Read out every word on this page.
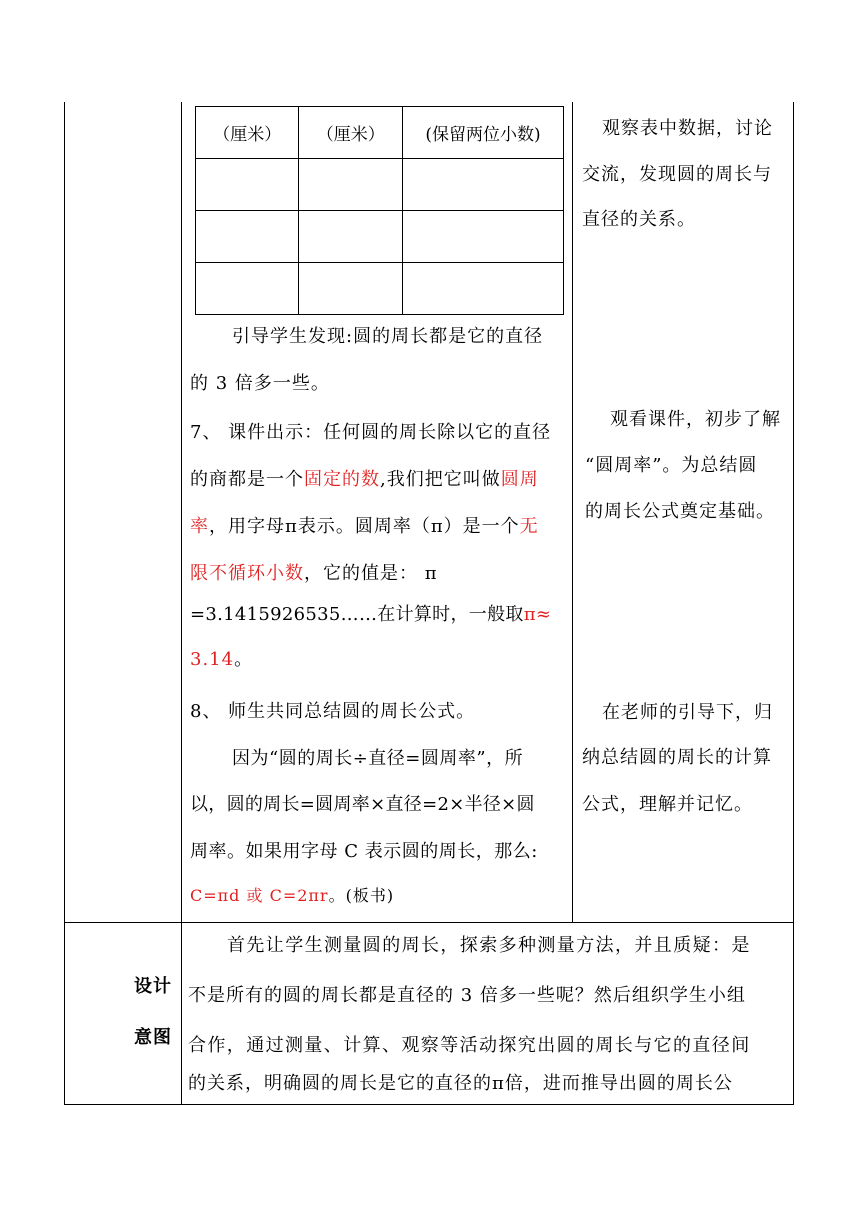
（厘米）	（厘米）	(保留两位小数)

引导学生发现:圆的周长都是它的直径
的 3 倍多一些。
7、 课件出示：任何圆的周长除以它的直径
的商都是一个固定的数,我们把它叫做圆周
率，用字母π表示。圆周率（π）是一个无
限不循环小数，它的值是： π
=3.1415926535……在计算时，一般取π≈
3.14。
8、 师生共同总结圆的周长公式。
因为“圆的周长÷直径=圆周率”，所
以，圆的周长=圆周率×直径=2×半径×圆
周率。如果用字母 C 表示圆的周长，那么:
C=πd 或 C=2πr。(板书)
观察表中数据，讨论
交流，发现圆的周长与
直径的关系。
观看课件，初步了解
“圆周率”。为总结圆
的周长公式奠定基础。
在老师的引导下，归
纳总结圆的周长的计算
公式，理解并记忆。
设计
意图
首先让学生测量圆的周长，探索多种测量方法，并且质疑：是
不是所有的圆的周长都是直径的 3 倍多一些呢？然后组织学生小组
合作，通过测量、计算、观察等活动探究出圆的周长与它的直径间
的关系，明确圆的周长是它的直径的π倍，进而推导出圆的周长公
